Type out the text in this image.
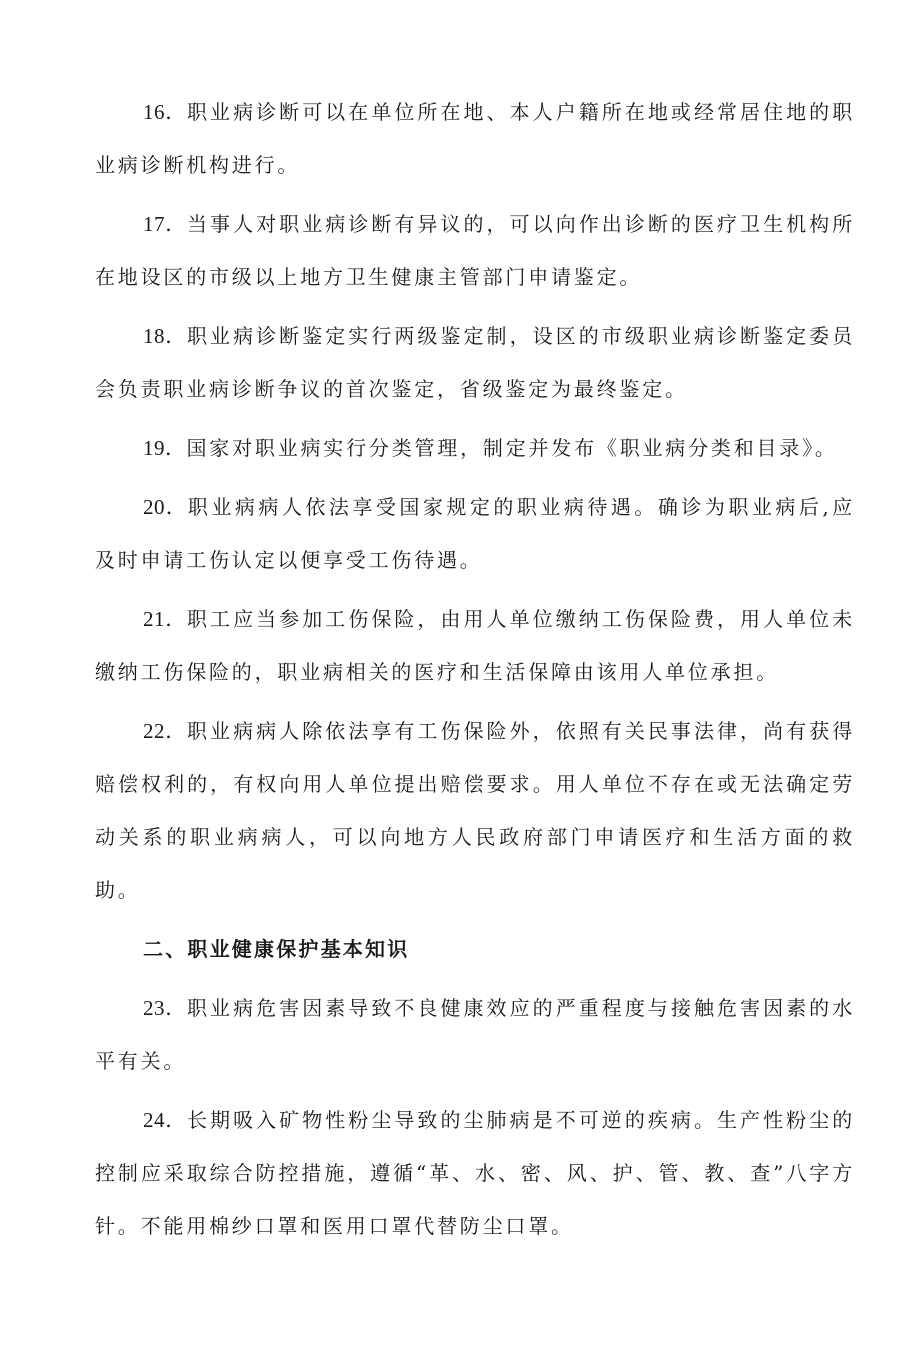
16．职业病诊断可以在单位所在地、本人户籍所在地或经常居住地的职业病诊断机构进行。

17．当事人对职业病诊断有异议的，可以向作出诊断的医疗卫生机构所在地设区的市级以上地方卫生健康主管部门申请鉴定。

18．职业病诊断鉴定实行两级鉴定制，设区的市级职业病诊断鉴定委员会负责职业病诊断争议的首次鉴定，省级鉴定为最终鉴定。

19．国家对职业病实行分类管理，制定并发布《职业病分类和目录》。

20．职业病病人依法享受国家规定的职业病待遇。确诊为职业病后,应及时申请工伤认定以便享受工伤待遇。

21．职工应当参加工伤保险，由用人单位缴纳工伤保险费，用人单位未缴纳工伤保险的，职业病相关的医疗和生活保障由该用人单位承担。

22．职业病病人除依法享有工伤保险外，依照有关民事法律，尚有获得赔偿权利的，有权向用人单位提出赔偿要求。用人单位不存在或无法确定劳动关系的职业病病人，可以向地方人民政府部门申请医疗和生活方面的救助。

二、职业健康保护基本知识

23．职业病危害因素导致不良健康效应的严重程度与接触危害因素的水平有关。

24．长期吸入矿物性粉尘导致的尘肺病是不可逆的疾病。生产性粉尘的控制应采取综合防控措施，遵循“革、水、密、风、护、管、教、查”八字方针。不能用棉纱口罩和医用口罩代替防尘口罩。
